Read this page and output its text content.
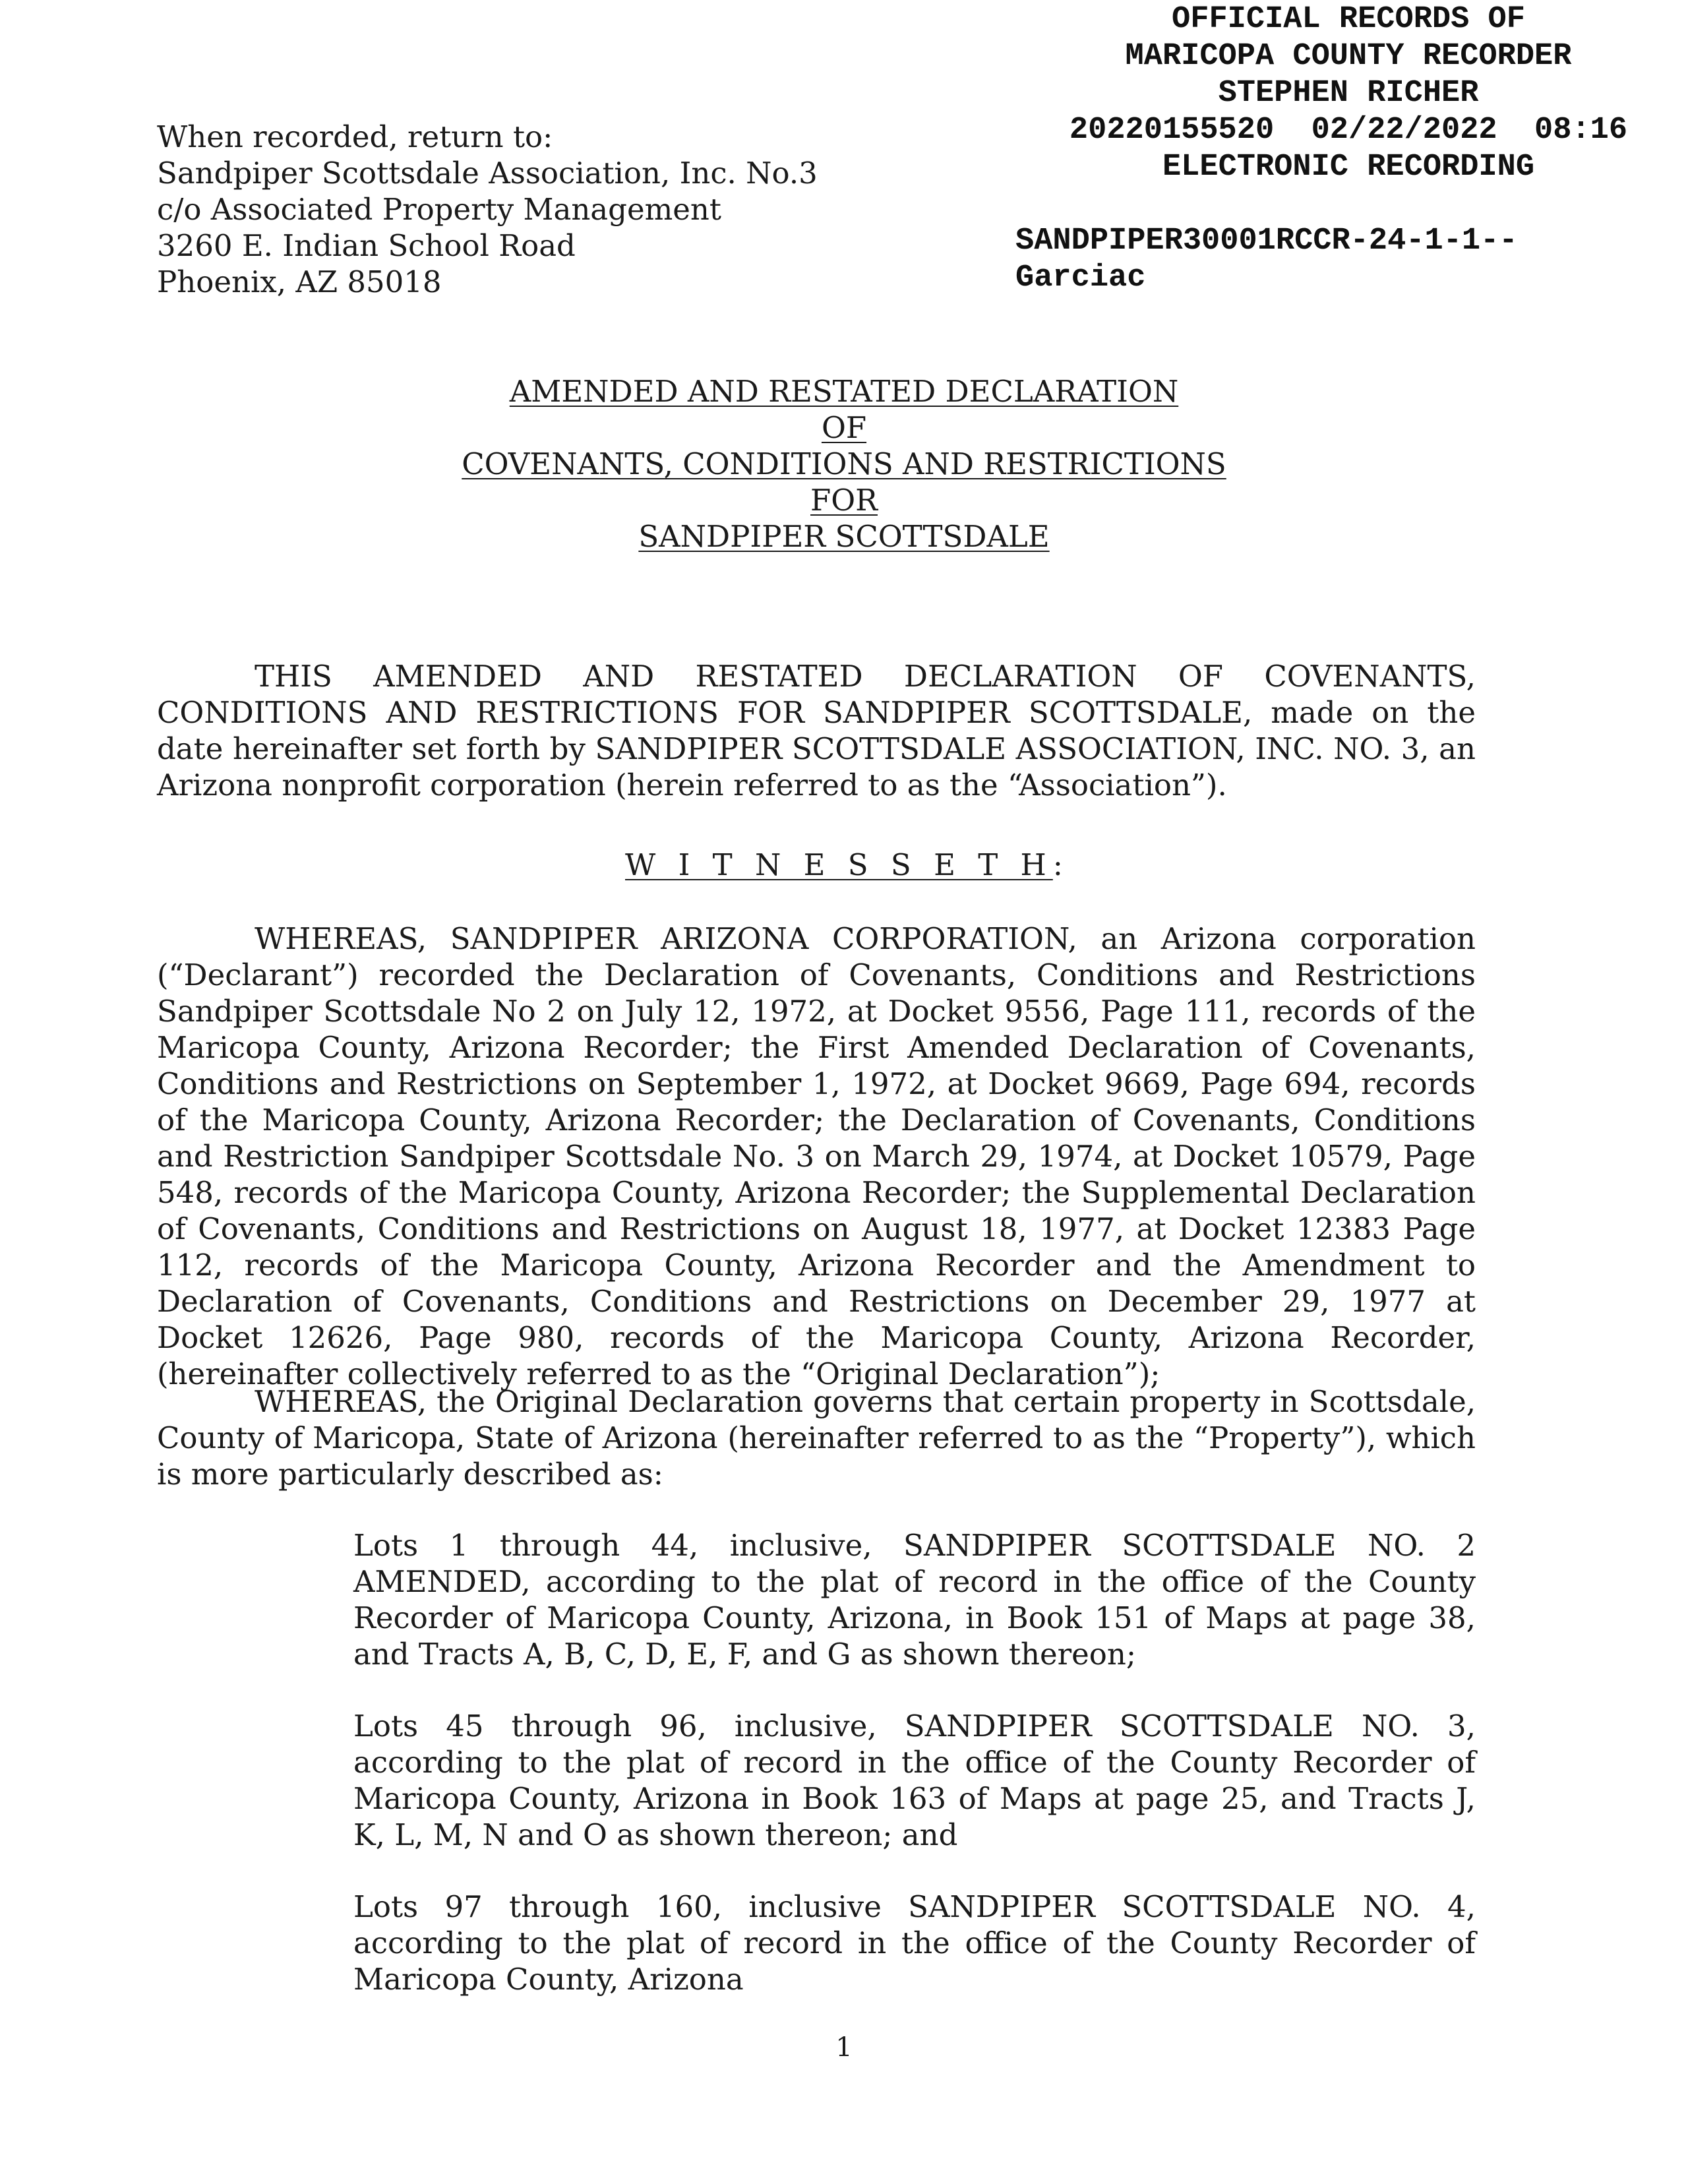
OFFICIAL RECORDS OF
MARICOPA COUNTY RECORDER
STEPHEN RICHER
20220155520  02/22/2022  08:16
ELECTRONIC RECORDING
SANDPIPER30001RCCR-24-1-1--
Garciac
When recorded, return to:
Sandpiper Scottsdale Association, Inc. No.3
c/o Associated Property Management
3260 E. Indian School Road
Phoenix, AZ 85018
AMENDED AND RESTATED DECLARATION
OF
COVENANTS, CONDITIONS AND RESTRICTIONS
FOR
SANDPIPER SCOTTSDALE

THIS AMENDED AND RESTATED DECLARATION OF COVENANTS, CONDITIONS AND RESTRICTIONS FOR SANDPIPER SCOTTSDALE, made on the date hereinafter set forth by SANDPIPER SCOTTSDALE ASSOCIATION, INC. NO. 3, an Arizona nonprofit corporation (herein referred to as the “Association”).

W I T N E S S E T H:

WHEREAS, SANDPIPER ARIZONA CORPORATION, an Arizona corporation (“Declarant”) recorded the Declaration of Covenants, Conditions and Restrictions Sandpiper Scottsdale No 2 on July 12, 1972, at Docket 9556, Page 111, records of the Maricopa County, Arizona Recorder; the First Amended Declaration of Covenants, Conditions and Restrictions on September 1, 1972, at Docket 9669, Page 694, records of the Maricopa County, Arizona Recorder; the Declaration of Covenants, Conditions and Restriction Sandpiper Scottsdale No. 3 on March 29, 1974, at Docket 10579, Page 548, records of the Maricopa County, Arizona Recorder; the Supplemental Declaration of Covenants, Conditions and Restrictions on August 18, 1977, at Docket 12383 Page 112, records of the Maricopa County, Arizona Recorder and the Amendment to Declaration of Covenants, Conditions and Restrictions on December 29, 1977 at Docket 12626, Page 980, records of the Maricopa County, Arizona Recorder, (hereinafter collectively referred to as the “Original Declaration”);

WHEREAS, the Original Declaration governs that certain property in Scottsdale, County of Maricopa, State of Arizona (hereinafter referred to as the “Property”), which is more particularly described as:

Lots 1 through 44, inclusive, SANDPIPER SCOTTSDALE NO. 2 AMENDED, according to the plat of record in the office of the County Recorder of Maricopa County, Arizona, in Book 151 of Maps at page 38, and Tracts A, B, C, D, E, F, and G as shown thereon;

Lots 45 through 96, inclusive, SANDPIPER SCOTTSDALE NO. 3, according to the plat of record in the office of the County Recorder of Maricopa County, Arizona in Book 163 of Maps at page 25, and Tracts J, K, L, M, N and O as shown thereon; and

Lots 97 through 160, inclusive SANDPIPER SCOTTSDALE NO. 4, according to the plat of record in the office of the County Recorder of Maricopa County, Arizona

1
